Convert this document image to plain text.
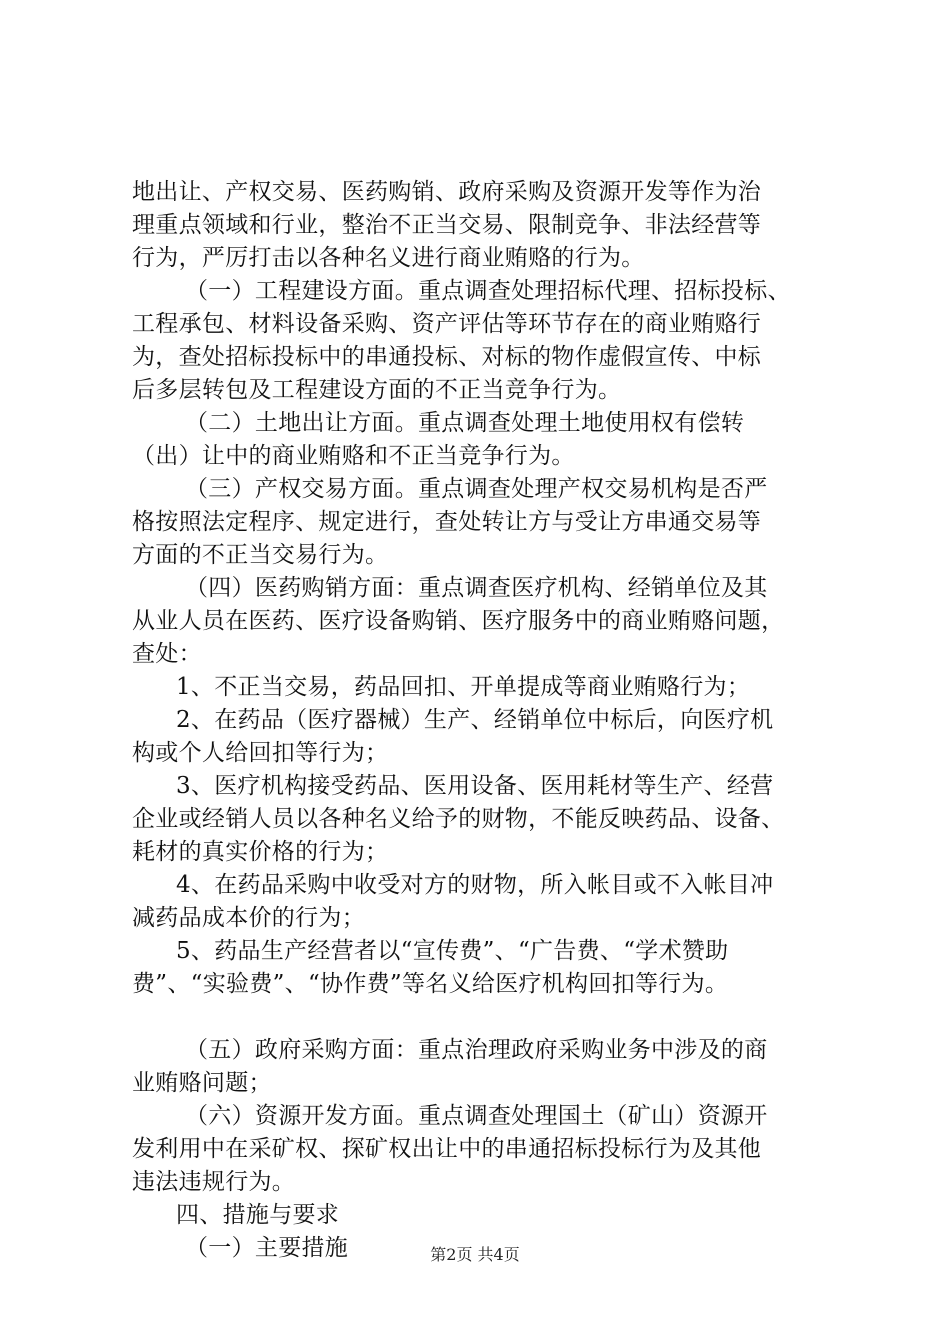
地出让、产权交易、医药购销、政府采购及资源开发等作为治
理重点领域和行业，整治不正当交易、限制竞争、非法经营等
行为，严厉打击以各种名义进行商业贿赂的行为。
（一）工程建设方面。重点调查处理招标代理、招标投标、
工程承包、材料设备采购、资产评估等环节存在的商业贿赂行
为，查处招标投标中的串通投标、对标的物作虚假宣传、中标
后多层转包及工程建设方面的不正当竞争行为。
（二）土地出让方面。重点调查处理土地使用权有偿转
（出）让中的商业贿赂和不正当竞争行为。
（三）产权交易方面。重点调查处理产权交易机构是否严
格按照法定程序、规定进行，查处转让方与受让方串通交易等
方面的不正当交易行为。
（四）医药购销方面：重点调查医疗机构、经销单位及其
从业人员在医药、医疗设备购销、医疗服务中的商业贿赂问题，
查处：
1、不正当交易，药品回扣、开单提成等商业贿赂行为；
2、在药品（医疗器械）生产、经销单位中标后，向医疗机
构或个人给回扣等行为；
3、医疗机构接受药品、医用设备、医用耗材等生产、经营
企业或经销人员以各种名义给予的财物，不能反映药品、设备、
耗材的真实价格的行为；
4、在药品采购中收受对方的财物，所入帐目或不入帐目冲
减药品成本价的行为；
5、药品生产经营者以“宣传费”、“广告费、“学术赞助
费”、“实验费”、“协作费”等名义给医疗机构回扣等行为。
（五）政府采购方面：重点治理政府采购业务中涉及的商
业贿赂问题；
（六）资源开发方面。重点调查处理国土（矿山）资源开
发利用中在采矿权、探矿权出让中的串通招标投标行为及其他
违法违规行为。
四、措施与要求
（一）主要措施	第2页 共4页
